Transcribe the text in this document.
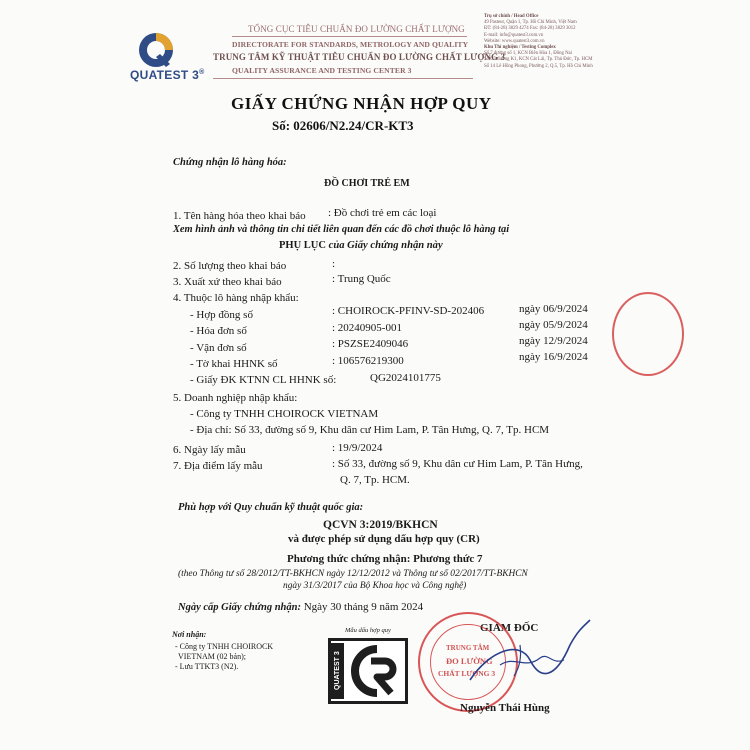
QUATEST 3®
TỔNG CỤC TIÊU CHUẨN ĐO LƯỜNG CHẤT LƯỢNG
DIRECTORATE FOR STANDARDS, METROLOGY AND QUALITY
TRUNG TÂM KỸ THUẬT TIÊU CHUẨN ĐO LƯỜNG CHẤT LƯỢNG 3
QUALITY ASSURANCE AND TESTING CENTER 3
Trụ sở chính / Head Office
49 Pasteur, Quận 1, Tp. Hồ Chí Minh, Việt Nam
ĐT: (84-28) 3829 4274 Fax: (84-28) 3829 3012
E-mail: info@quatest3.com.vn
Website: www.quatest3.com.vn
Khu Thí nghiệm / Testing Complex
Số 7 đường số 1, KCN Biên Hòa 1, Đồng Nai
Số C5 đường K1, KCN Cát Lái, Tp. Thủ Đức, Tp. HCM
Số 14 Lê Hồng Phong, Phường 2, Q.5, Tp. Hồ Chí Minh
GIẤY CHỨNG NHẬN HỢP QUY
Số: 02606/N2.24/CR-KT3
Chứng nhận lô hàng hóa:
ĐỒ CHƠI TRẺ EM
1. Tên hàng hóa theo khai báo : Đồ chơi trẻ em các loại
Xem hình ảnh và thông tin chi tiết liên quan đến các đồ chơi thuộc lô hàng tại
PHỤ LỤC của Giấy chứng nhận này
2. Số lượng theo khai báo	:
3. Xuất xứ theo khai báo	: Trung Quốc
4. Thuộc lô hàng nhập khẩu:
- Hợp đồng số	: CHOIROCK-PFINV-SD-202406	ngày 06/9/2024
- Hóa đơn số	: 20240905-001	ngày 05/9/2024
- Vận đơn số	: PSZSE2409046	ngày 12/9/2024
- Tờ khai HHNK số	: 106576219300	ngày 16/9/2024
- Giấy ĐK KTNN CL HHNK số:	QG2024101775
5. Doanh nghiệp nhập khẩu:
- Công ty TNHH CHOIROCK VIETNAM
- Địa chỉ: Số 33, đường số 9, Khu dân cư Him Lam, P. Tân Hưng, Q. 7, Tp. HCM
6. Ngày lấy mẫu	: 19/9/2024
7. Địa điểm lấy mẫu	: Số 33, đường số 9, Khu dân cư Him Lam, P. Tân Hưng,
Q. 7, Tp. HCM.
Phù hợp với Quy chuẩn kỹ thuật quốc gia:
QCVN 3:2019/BKHCN
và được phép sử dụng dấu hợp quy (CR)
Phương thức chứng nhận: Phương thức 7
(theo Thông tư số 28/2012/TT-BKHCN ngày 12/12/2012 và Thông tư số 02/2017/TT-BKHCN
ngày 31/3/2017 của Bộ Khoa học và Công nghệ)
Ngày cấp Giấy chứng nhận: Ngày 30 tháng 9 năm 2024
Nơi nhận:
- Công ty TNHH CHOIROCK
VIETNAM (02 bản);
- Lưu TTKT3 (N2).
Mẫu dấu hợp quy
QUATEST 3
GIÁM ĐỐC
TRUNG TÂM
ĐO LƯỜNG
CHẤT LƯỢNG 3
Nguyễn Thái Hùng
